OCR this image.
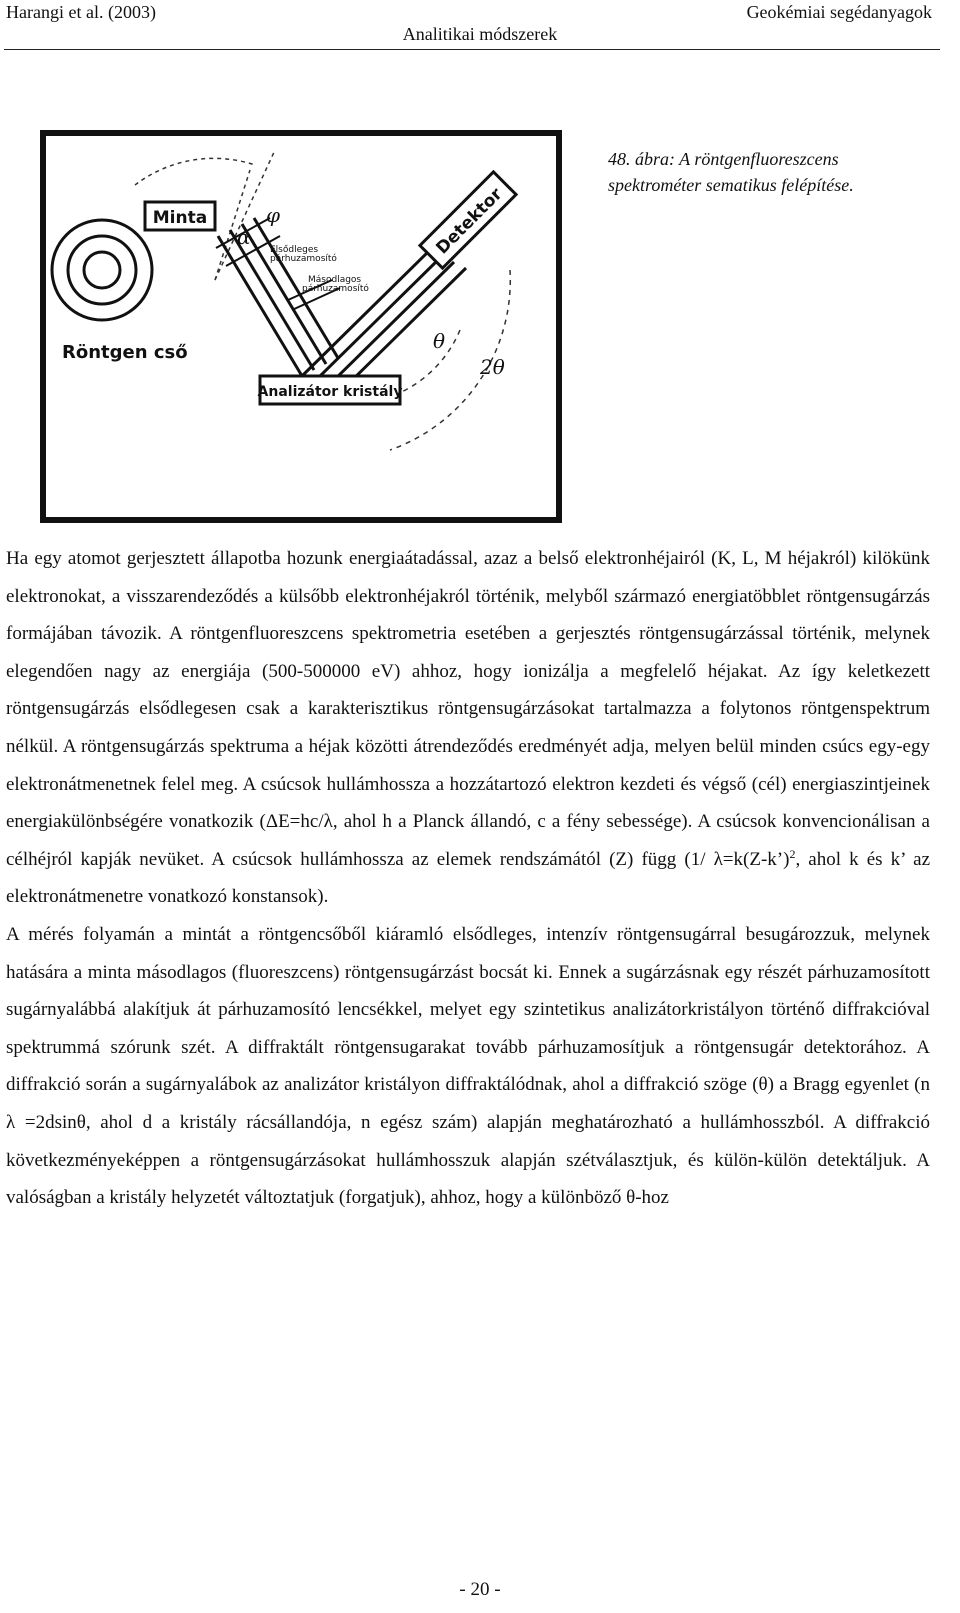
Harangi et al. (2003)
Analitikai módszerek
Geokémiai segédanyagok
Minta
Röntgen cső
Detektor
Analizátor kristály
Elsődleges
párhuzamosító
Másodlagos
párhuzamosító
φ
α
θ
2θ
48. ábra: A röntgenfluoreszcens
spektrométer sematikus felépítése.

Ha egy atomot gerjesztett állapotba hozunk energiaátadással, azaz a belső elektronhéjairól (K, L, M héjakról) kilökünk elektronokat, a visszarendeződés a külsőbb elektronhéjakról történik, melyből származó energiatöbblet röntgensugárzás formájában távozik. A röntgenfluoreszcens spektrometria esetében a gerjesztés röntgensugárzással történik, melynek elegendően nagy az energiája (500-500000 eV) ahhoz, hogy ionizálja a megfelelő héjakat. Az így keletkezett röntgensugárzás elsődlegesen csak a karakterisztikus röntgensugárzásokat tartalmazza a folytonos röntgenspektrum nélkül. A röntgensugárzás spektruma a héjak közötti átrendeződés eredményét adja, melyen belül minden csúcs egy-egy elektronátmenetnek felel meg. A csúcsok hullámhossza a hozzátartozó elektron kezdeti és végső (cél) energiaszintjeinek energiakülönbségére vonatkozik (ΔE=hc/λ, ahol h a Planck állandó, c a fény sebessége). A csúcsok konvencionálisan a célhéjról kapják nevüket. A csúcsok hullámhossza az elemek rendszámától (Z) függ (1/ λ=k(Z-k’)$^2$, ahol k és k’ az elektronátmenetre vonatkozó konstansok).

A mérés folyamán a mintát a röntgencsőből kiáramló elsődleges, intenzív röntgensugárral besugározzuk, melynek hatására a minta másodlagos (fluoreszcens) röntgensugárzást bocsát ki. Ennek a sugárzásnak egy részét párhuzamosított sugárnyalábbá alakítjuk át párhuzamosító lencsékkel, melyet egy szintetikus analizátorkristályon történő diffrakcióval spektrummá szórunk szét. A diffraktált röntgensugarakat tovább párhuzamosítjuk a röntgensugár detektorához. A diffrakció során a sugárnyalábok az analizátor kristályon diffraktálódnak, ahol a diffrakció szöge (θ) a Bragg egyenlet (n λ =2dsinθ, ahol d a kristály rácsállandója, n egész szám) alapján meghatározható a hullámhosszból. A diffrakció következményeképpen a röntgensugárzásokat hullámhosszuk alapján szétválasztjuk, és külön-külön detektáljuk. A valóságban a kristály helyzetét változtatjuk (forgatjuk), ahhoz, hogy a különböző θ-hoz

- 20 -
